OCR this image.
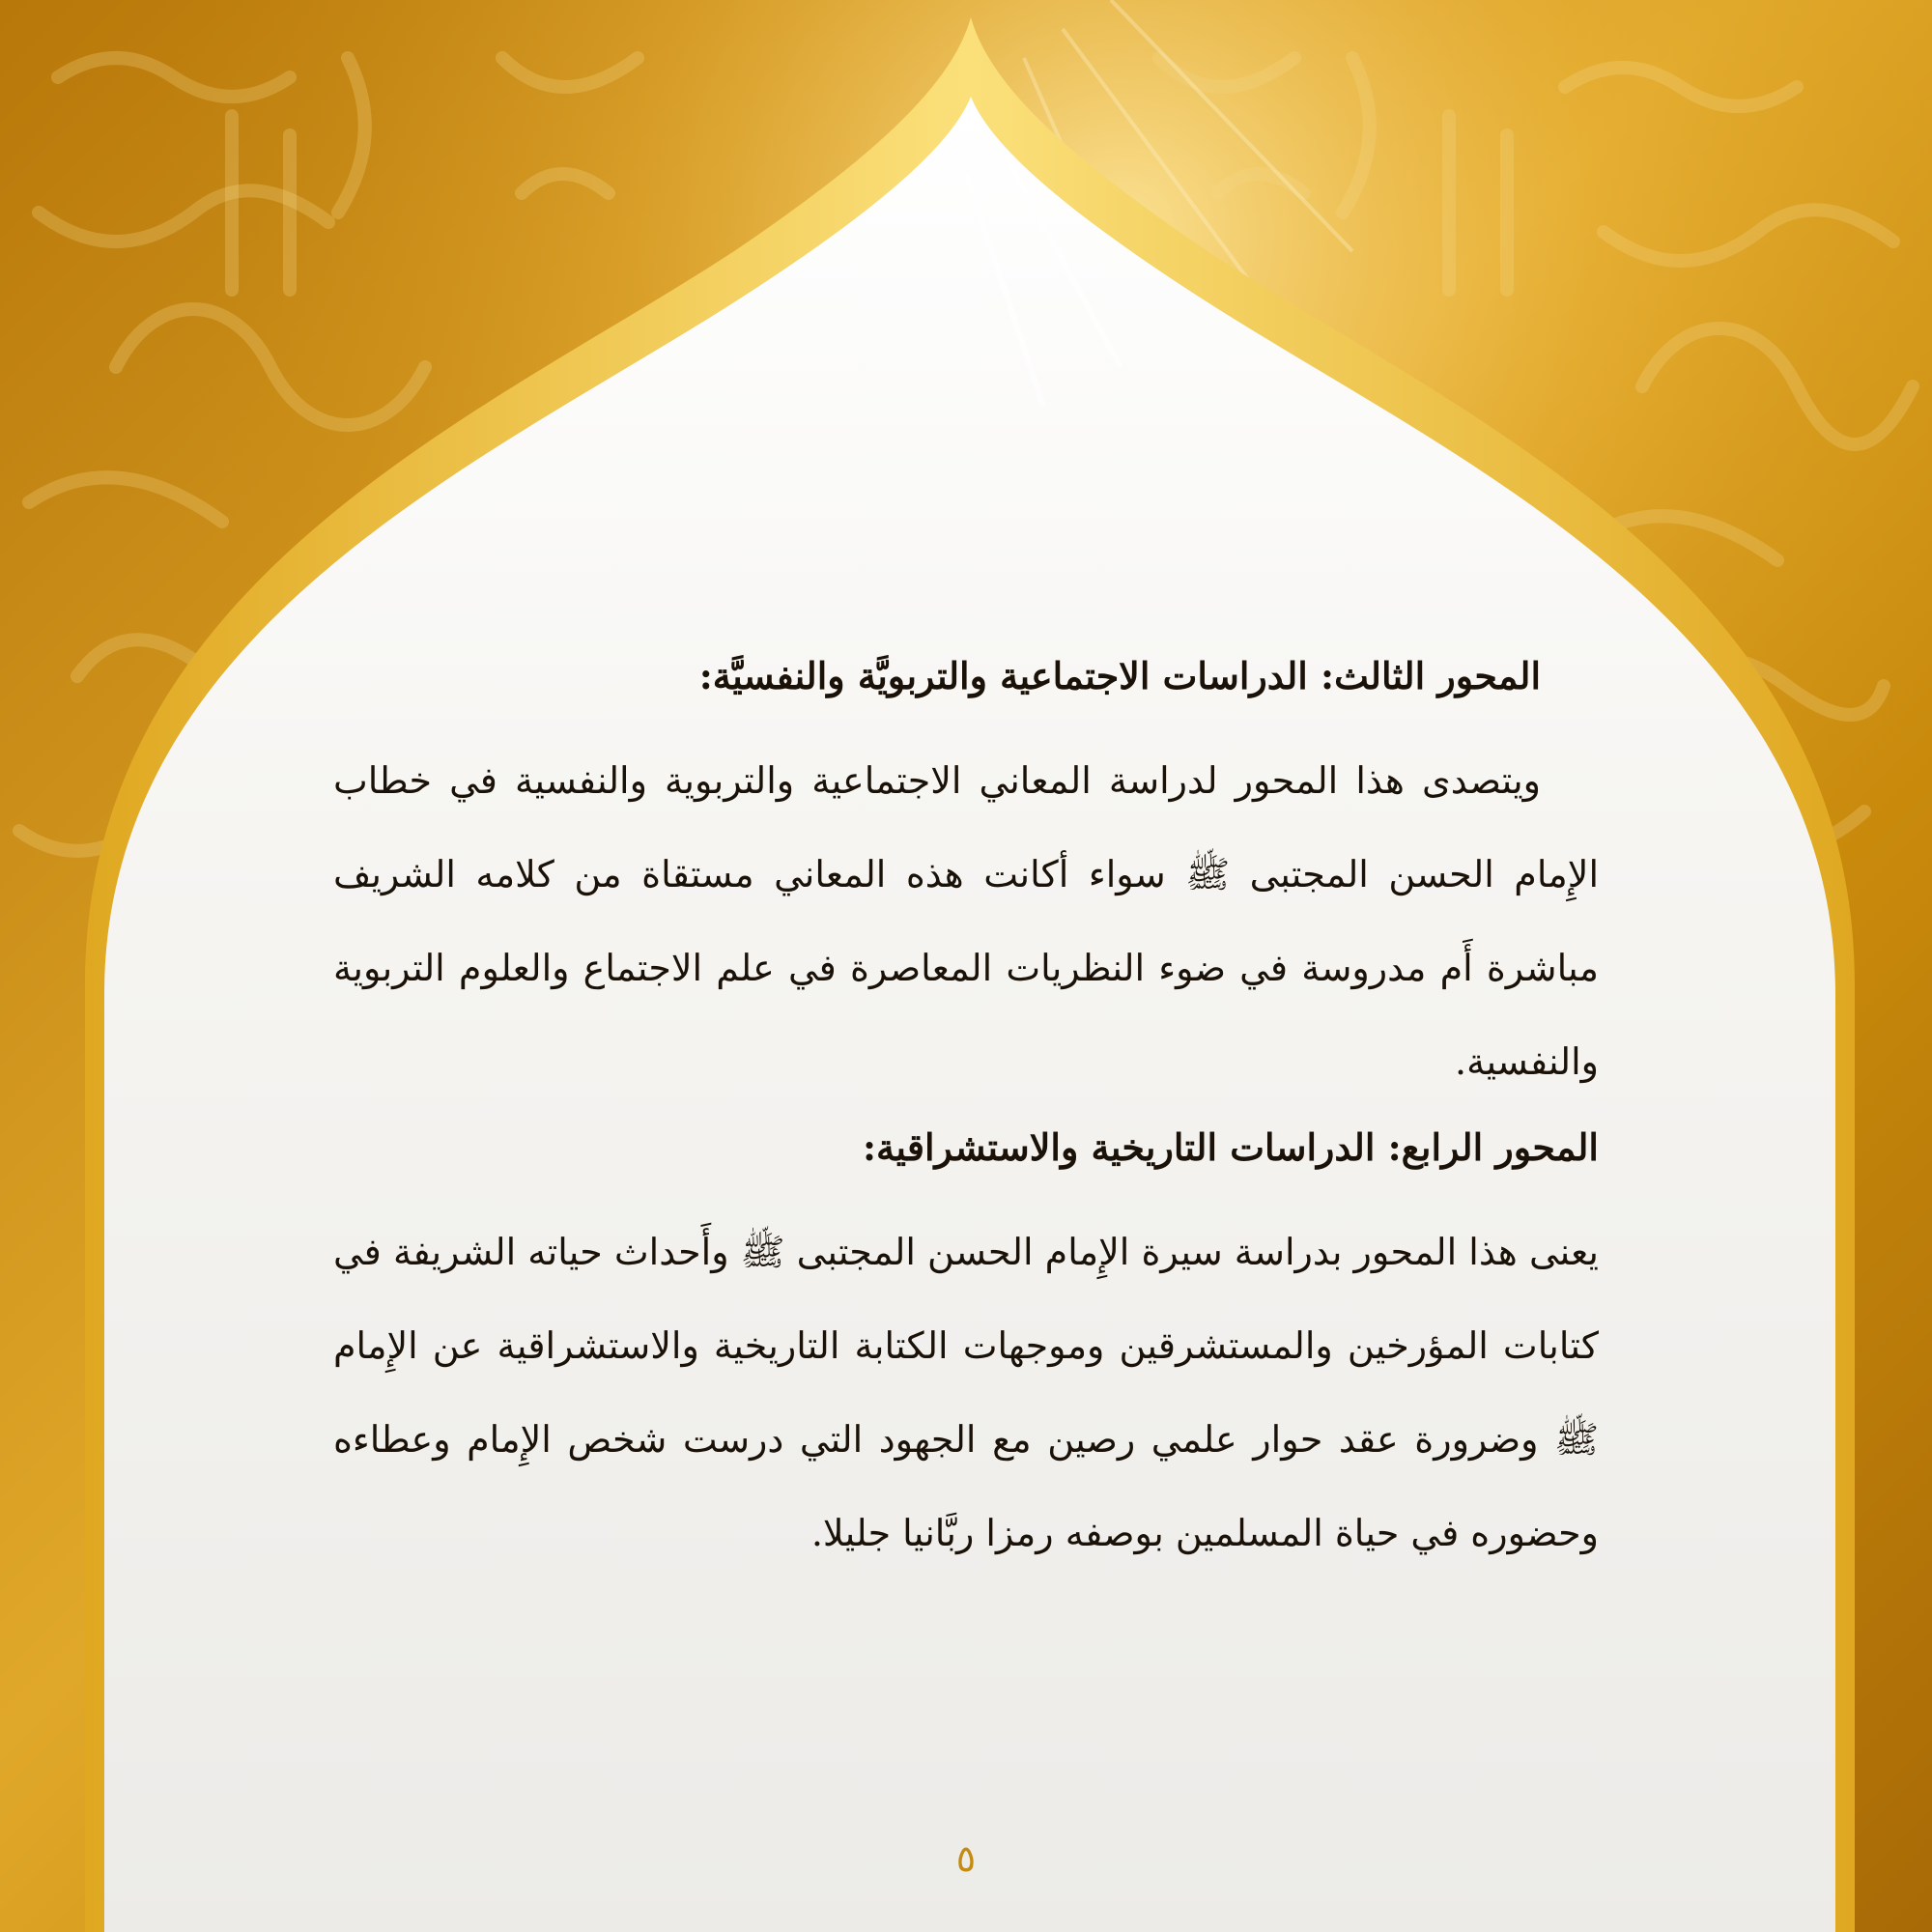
المحور الثالث: الدراسات الاجتماعية والتربويَّة والنفسيَّة:

ويتصدى هذا المحور لدراسة المعاني الاجتماعية والتربوية والنفسية في خطاب الإِمام الحسن المجتبى ﷺ سواء أكانت هذه المعاني مستقاة من كلامه الشريف مباشرة أَم مدروسة في ضوء النظريات المعاصرة في علم الاجتماع والعلوم التربوية والنفسية.

المحور الرابع: الدراسات التاريخية والاستشراقية:

يعنى هذا المحور بدراسة سيرة الإِمام الحسن المجتبى ﷺ وأَحداث حياته الشريفة في كتابات المؤرخين والمستشرقين وموجهات الكتابة التاريخية والاستشراقية عن الإِمام ﷺ وضرورة عقد حوار علمي رصين مع الجهود التي درست شخص الإِمام وعطاءه وحضوره في حياة المسلمين بوصفه رمزا ربَّانيا جليلا.

٥
